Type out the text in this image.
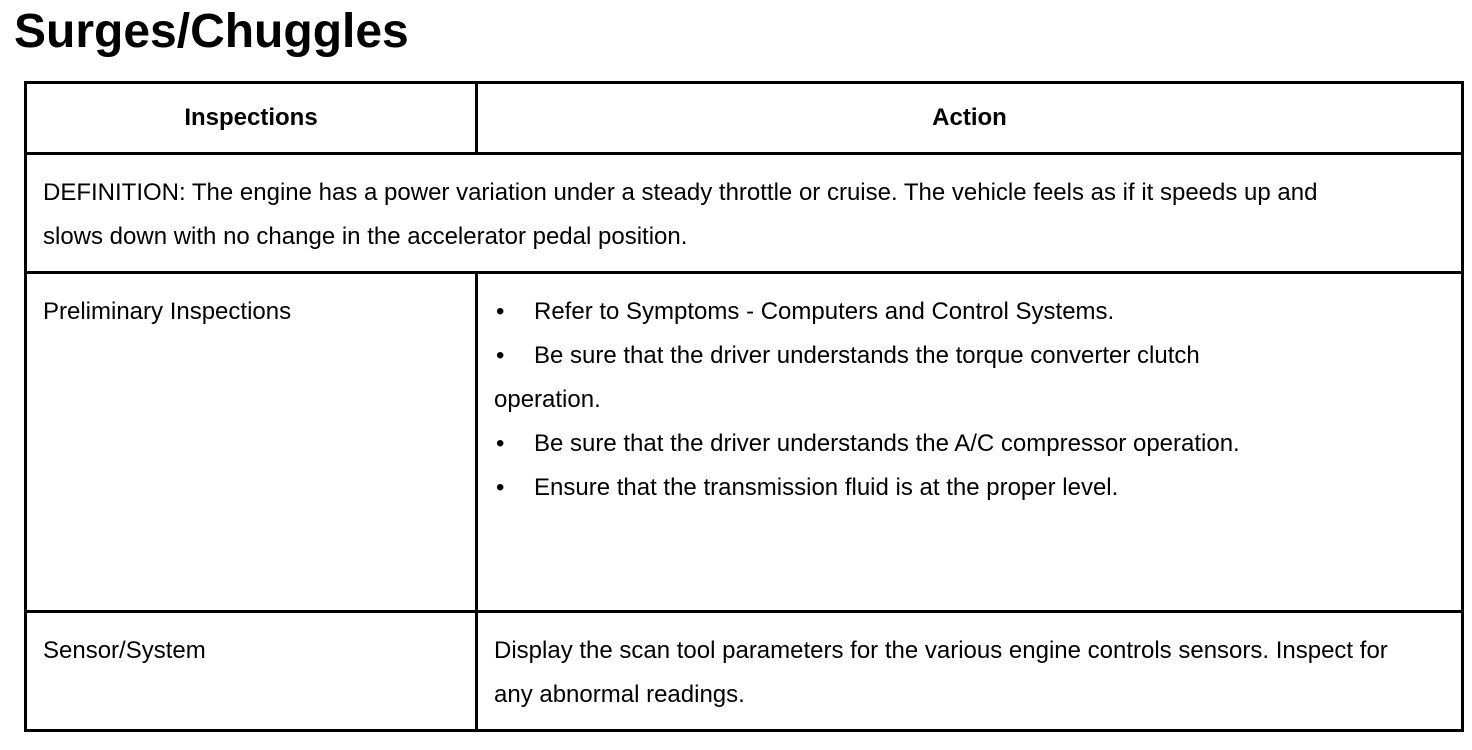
Surges/Chuggles
Inspections	Action

DEFINITION: The engine has a power variation under a steady throttle or cruise. The vehicle feels as if it speeds up and slows down with no change in the accelerator pedal position.	

Preliminary Inspections	• Refer to Symptoms - Computers and Control Systems.
• Be sure that the driver understands the torque converter clutch operation.
• Be sure that the driver understands the A/C compressor operation.
• Ensure that the transmission fluid is at the proper level.

Sensor/System	Display the scan tool parameters for the various engine controls sensors. Inspect for any abnormal readings.
